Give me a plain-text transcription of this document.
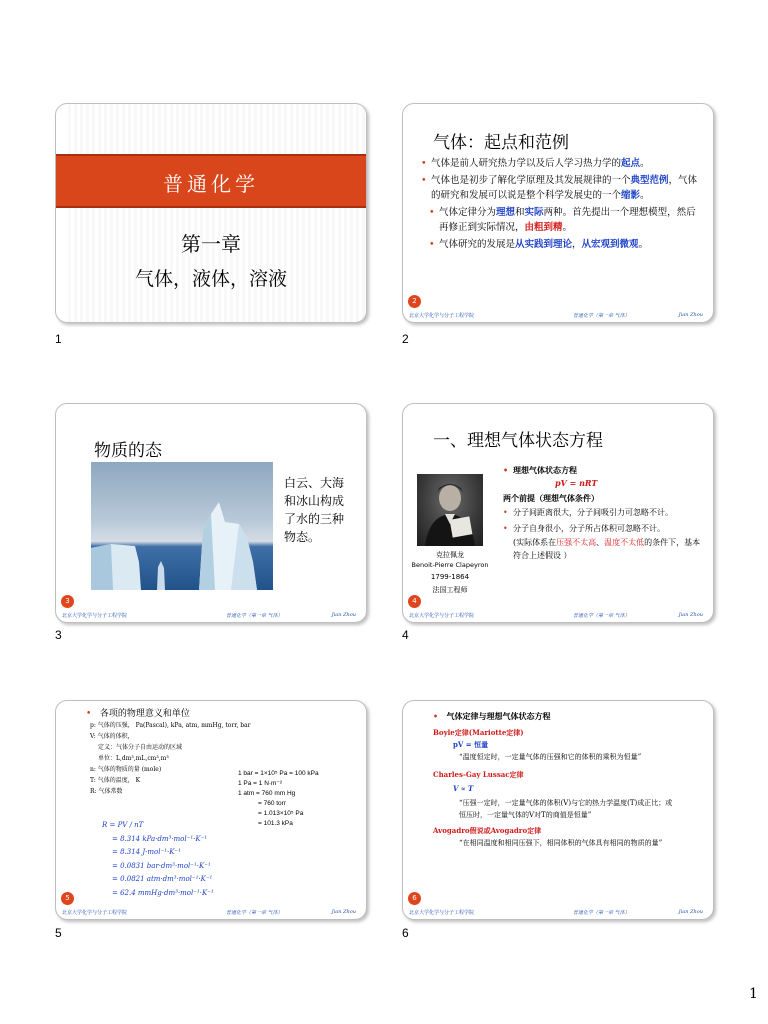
普通化学
第一章
气体，液体，溶液
1
气体：起点和范例
• 气体是前人研究热力学以及后人学习热力学的起点。
• 气体也是初步了解化学原理及其发展规律的一个典型范例，气体的研究和发展可以说是整个科学发展史的一个缩影。
• 气体定律分为理想和实际两种。首先提出一个理想模型，然后再修正到实际情况，由粗到精。
• 气体研究的发展是从实践到理论，从宏观到微观。
2
北京大学化学与分子工程学院	普通化学（第一章 气体）	Jian Zhou
2
物质的态
白云、大海和冰山构成了水的三种物态。
3
北京大学化学与分子工程学院	普通化学（第一章 气体）	Jian Zhou
3
一、理想气体状态方程
克拉佩龙
Benoit-Pierre Clapeyron
1799-1864
法国工程师
• 理想气体状态方程
pV = nRT
两个前提（理想气体条件）
• 分子间距离很大，分子间吸引力可忽略不计。
• 分子自身很小，分子所占体积可忽略不计。
(实际体系在压强不太高、温度不太低的条件下，基本符合上述假设 ）
4
北京大学化学与分子工程学院	普通化学（第一章 气体）	Jian Zhou
4
• 各项的物理意义和单位
p: 气体的压强， Pa(Pascal), kPa, atm, mmHg, torr, bar
V: 气体的体积，
定义：气体分子自由运动的区域
单位：L,dm³,mL,cm³,m³
n: 气体的物质的量 (mole)
T: 气体的温度， K
R: 气体常数
1 bar = 1×10⁵ Pa = 100 kPa
1 Pa = 1 N·m⁻²
1 atm = 760 mm Hg
= 760 torr
= 1.013×10⁵ Pa
= 101.3 kPa
R = PV / nT
= 8.314 kPa·dm³·mol⁻¹·K⁻¹
= 8.314 J·mol⁻¹·K⁻¹
= 0.0831 bar·dm³·mol⁻¹·K⁻¹
= 0.0821 atm·dm³·mol⁻¹·K⁻¹
= 62.4 mmHg·dm³·mol⁻¹·K⁻¹
5
北京大学化学与分子工程学院	普通化学（第一章 气体）	Jian Zhou
5
• 气体定律与理想气体状态方程
Boyle定律(Mariotte定律)
pV = 恒量
“温度恒定时，一定量气体的压强和它的体积的乘积为恒量”
Charles-Gay Lussac定律
V ∝ T
“压强一定时，一定量气体的体积(V)与它的热力学温度(T)成正比；或恒压时，一定量气体的V对T的商值是恒量”
Avogadro假说或Avogadro定律
“在相同温度和相同压强下，相同体积的气体具有相同的物质的量”
6
北京大学化学与分子工程学院	普通化学（第一章 气体）	Jian Zhou
6
1
